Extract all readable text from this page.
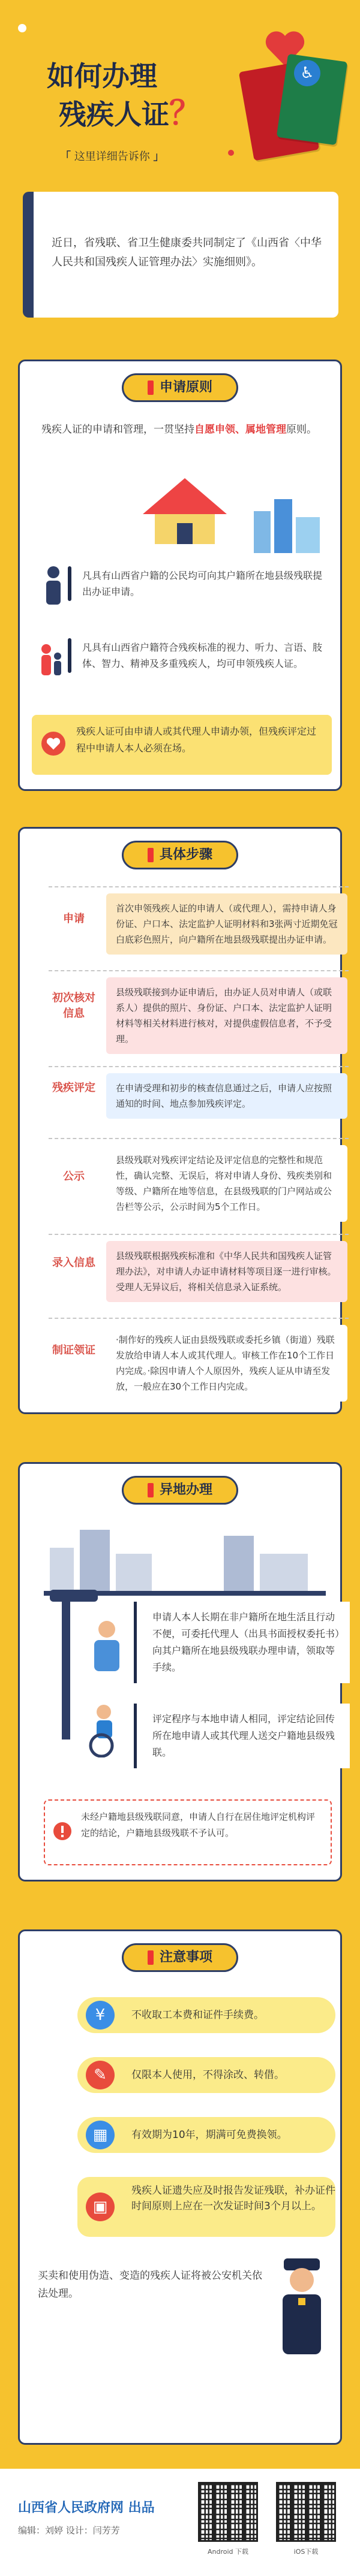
如何办理
残疾人证？
「 这里详细告诉你 」
♿
近日，省残联、省卫生健康委共同制定了《山西省〈中华人民共和国残疾人证管理办法〉实施细则》。
申请原则
残疾人证的申请和管理，一贯坚持自愿申领、属地管理原则。
凡具有山西省户籍的公民均可向其户籍所在地县级残联提出办证申请。
凡具有山西省户籍符合残疾标准的视力、听力、言语、肢体、智力、精神及多重残疾人，均可申领残疾人证。
残疾人证可由申请人或其代理人申请办领，但残疾评定过程中申请人本人必须在场。
具体步骤
申请
首次申领残疾人证的申请人（或代理人），需持申请人身份证、户口本、法定监护人证明材料和3张两寸近期免冠白底彩色照片，向户籍所在地县级残联提出办证申请。
初次核对信息
县级残联接到办证申请后，由办证人员对申请人（或联系人）提供的照片、身份证、户口本、法定监护人证明材料等相关材料进行核对，对提供虚假信息者，不予受理。
残疾评定	在申请受理和初步的核查信息通过之后，申请人应按照通知的时间、地点参加残疾评定。
公示
县级残联对残疾评定结论及评定信息的完整性和规范性，确认完整、无误后，将对申请人身份、残疾类别和等级、户籍所在地等信息，在县级残联的门户网站或公告栏等公示，公示时间为5个工作日。
录入信息
县级残联根据残疾标准和《中华人民共和国残疾人证管理办法》，对申请人办证申请材料等项目逐一进行审核。受理人无异议后，将相关信息录入证系统。
制证领证
·制作好的残疾人证由县级残联或委托乡镇（街道）残联发放给申请人本人或其代理人。审核工作在10个工作日内完成。·除因申请人个人原因外，残疾人证从申请至发放，一般应在30个工作日内完成。
异地办理
申请人本人长期在非户籍所在地生活且行动不便，可委托代理人（出具书面授权委托书）向其户籍所在地县级残联办理申请，领取等手续。
评定程序与本地申请人相同，评定结论回传所在地申请人或其代理人送交户籍地县级残联。
未经户籍地县级残联同意，申请人自行在居住地评定机构评定的结论，户籍地县级残联不予认可。
注意事项
¥	不收取工本费和证件手续费。
✎	仅限本人使用，不得涂改、转借。
▦	有效期为10年，期满可免费换领。
▣
残疾人证遗失应及时报告发证残联，补办证件时间原则上应在一次发证时间3个月以上。
买卖和使用伪造、变造的残疾人证将被公安机关依法处理。
山西省人民政府网 出品
编辑：刘婷 设计：闫芳芳
Android 下载	iOS下载
